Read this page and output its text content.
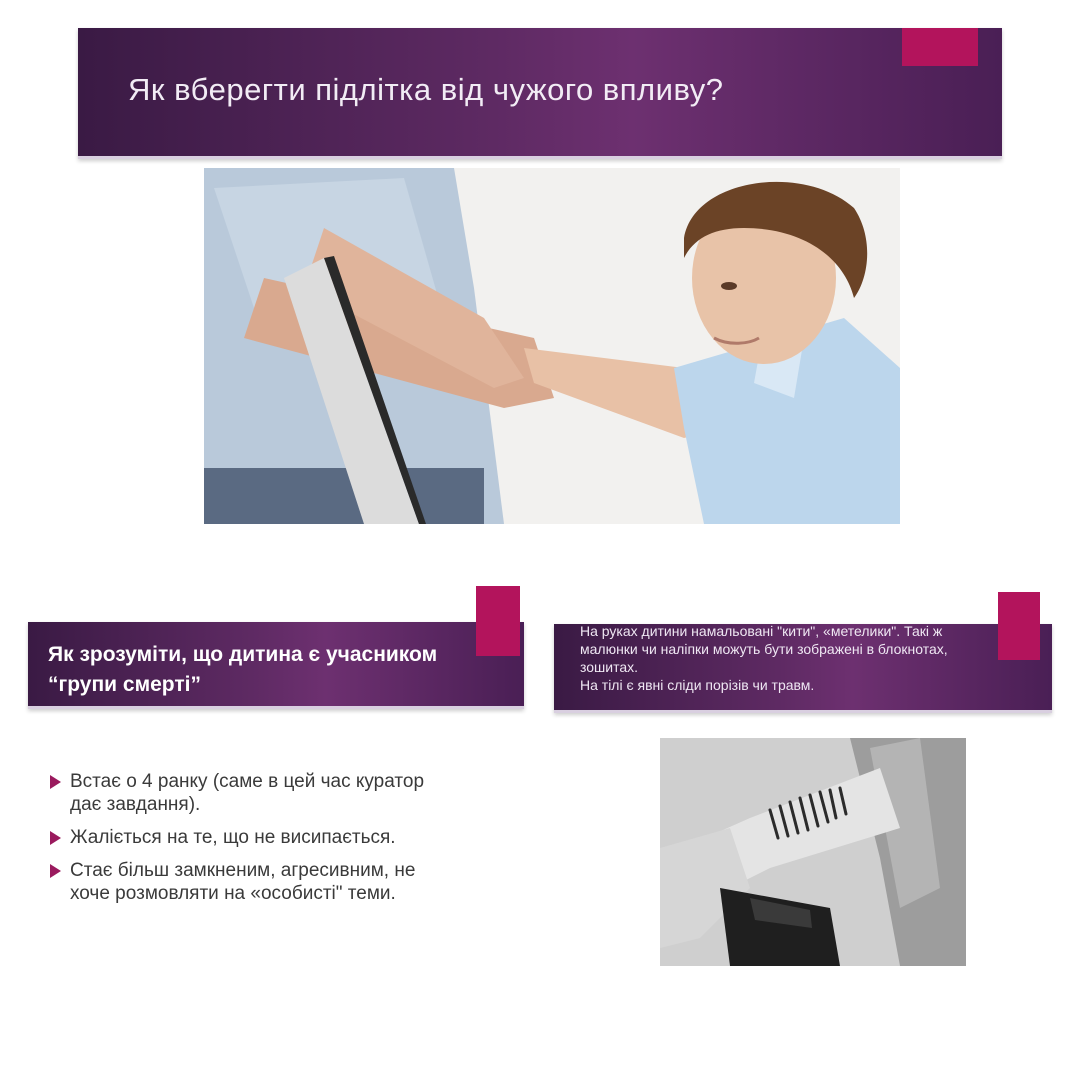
Як вберегти підлітка від чужого впливу?
Як зрозуміти, що дитина є учасником “групи смерті”
Встає о 4 ранку (саме в цей час куратор дає завдання).
Жаліється на те, що не висипається.
Стає більш замкненим, агресивним, не хоче розмовляти на «особисті" теми.

На руках дитини намальовані "кити", «метелики". Такі ж малюнки чи наліпки можуть бути зображені в блокнотах, зошитах.

На тілі є явні сліди порізів чи травм.
